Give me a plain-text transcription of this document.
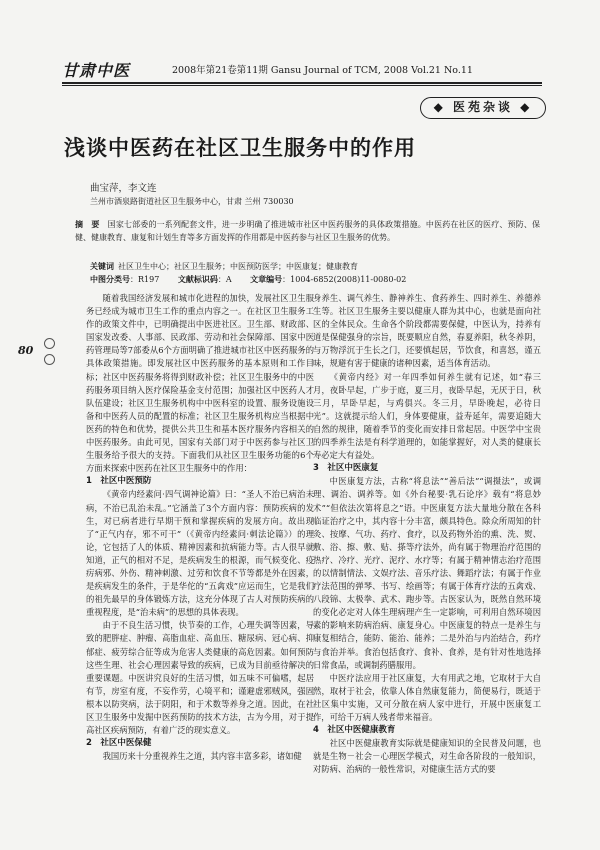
甘肃中医	2008年第21卷第11期 Gansu Journal of TCM, 2008 Vol.21 No.11
◆ 医苑杂谈 ◆
浅谈中医药在社区卫生服务中的作用
曲宝萍，李文连
兰州市酒泉路街道社区卫生服务中心，甘肃 兰州 730030
摘　要　 国家七部委的一系列配套文件，进一步明确了推进城市社区中医药服务的具体政策措施。中医药在社区的医疗、预防、保健、健康教育、康复和计划生育等多方面发挥的作用都是中医药参与社区卫生服务的优势。
关键词 社区卫生中心；社区卫生服务；中医预防医学；中医康复；健康教育
中图分类号：R197 文献标识码：A 文章编号：1004-6852(2008)11-0080-02
80

随着我国经济发展和城市化进程的加快，发展社区卫生服务已经成为城市卫生工作的重点内容之一。在社区卫生服务工作的政策文件中，已明确提出中医进社区。卫生部、财政部、国家发改委、人事部、民政部、劳动和社会保障部、国家中医药管理局等7部委从6个方面明确了推进城市社区中医药服务的具体政策措施。即发展社区中医药服务的基本原则和工作目标；社区中医药服务将得到财政补偿；社区卫生服务中的中医药服务项目纳入医疗保险基金支付范围；加强社区中医药人才队伍建设；社区卫生服务机构中中医科室的设置、服务设施设备和中医药人员的配置的标准；社区卫生服务机构应当根据中医药的特色和优势，提供公共卫生和基本医疗服务内容相关的中医药服务。由此可见，国家有关部门对于中医药参与社区卫生服务给予很大的支持。下面我们从社区卫生服务功能的6个方面来探索中医药在社区卫生服务中的作用：

1　社区中医预防

《黄帝内经素问·四气调神论篇》曰：“圣人不治已病治未病，不治已乱治未乱。”它涵盖了3个方面内容：预防疾病的发生，对已病者进行早期干预和掌握疾病的发展方向。故出现了“正气内存，邪不可干”（《黄帝内经素问·刺法论篇》）的理论，它包括了人的体质、精神因素和抗病能力等。古人很早就知道，正气的相对不足，是疾病发生的根源，而气候变化、疫疠病邪、外伤、精神刺激、过劳和饮食不节等都是外在因素，是疾病发生的条件，于是华佗的“五禽戏”应运而生，它是我们的祖先最早的身体锻炼方法，这充分体现了古人对预防疾病的重视程度，是“治未病”的思想的具体表现。

由于不良生活习惯，快节奏的工作，心理失调等因素，导致的肥胖症、肿瘤、高脂血症、高血压、糖尿病、冠心病、抑郁症、疲劳综合征等成为危害人类健康的高危因素。如何预防这些生理、社会心理因素导致的疾病，已成为目前亟待解决的重要课题。中医讲究良好的生活习惯，如五味不可偏嗜，起居有节，房室有度，不妄作劳，心境平和；谨避虚邪贼风，强固根本以防突病，法于阴阳，和于术数等养身之道。因此，在社区卫生服务中发掘中医药预防的技术方法，古为今用，对于提高社区疾病预防，有着广泛的现实意义。

2　社区中医保健

我国历来十分重视养生之道，其内容丰富多彩，诸如健

身养生、调气养生、静神养生、食药养生、四时养生、养德养生等。社区卫生服务主要以健康人群为其中心，也就是面向社区的全体民众。生命各个阶段都需要保健，中医认为，持养有道是保健强身的宗旨，既要顺应自然，春夏养阳，秋冬养阴，与万物浮沉于生长之门，还要慎起居，节饮食，和喜怒，谨五味，规避有害于健康的诸种因素，适当体育活动。

《黄帝内经》对一年四季如何养生就有记述，如“春三月，夜卧早起，广步于庭，夏三月，夜卧早起，无厌于日，秋三月，早卧早起，与鸡俱兴。冬三月，早卧晚起，必待日光”。这就提示给人们，身体要健康，益寿延年，需要追随大自然的规律，随着季节的变化而安排日常起居。中医学中宝贵的四季养生法是有科学道理的，如能掌握好，对人类的健康长寿必定大有益处。

3　社区中医康复

中医康复方法，古称“将息法”“善后法”“调摄法”，或调理、调治、调养等。如《外台秘要·乳石论序》载有“将息妙术”“但依法次第将息之”语。中医康复方法大量地分散在各科临证治疗之中，其内容十分丰富，颇具特色。除众所周知的针灸、按摩、气功、药疗、食疗，以及药物外治的熏、洗、熨、敷、浴、擦、敷、贴、搽等疗法外，尚有属于物理治疗范围的热疗、冷疗、光疗、泥疗、水疗等；有属于精神情志治疗范围的以情制情法、文娱疗法、音乐疗法、舞蹈疗法；有属于作业疗法范围的弹琴、书写、绘画等；有属于体育疗法的五禽戏、八段锦、太极拳、武术、跑步等。古医家认为，既然自然环境的变化必定对人体生理病理产生一定影响，可利用自然环境因素的影响来防病治病、康复身心。中医康复的特点一是养生与康复相结合，能防、能治、能养；二是外治与内治结合，药疗与食治并举。食治包括食疗、食补、食养，是有针对性地选择日常食品，或调制药膳服用。

中医疗法应用于社区康复，大有用武之地，它取材于大自然，取材于社会，依靠人体自然康复能力，简便易行，既适于社区集中实施，又可分散在病人家中进行，开展中医康复工作，可给千万病人残者带来福音。

4　社区中医健康教育

社区中医健康教育实际就是健康知识的全民普及问题，也就是生物－社会－心理医学模式，对生命各阶段的一般知识，对防病、治病的一般性常识，对健康生活方式的要
